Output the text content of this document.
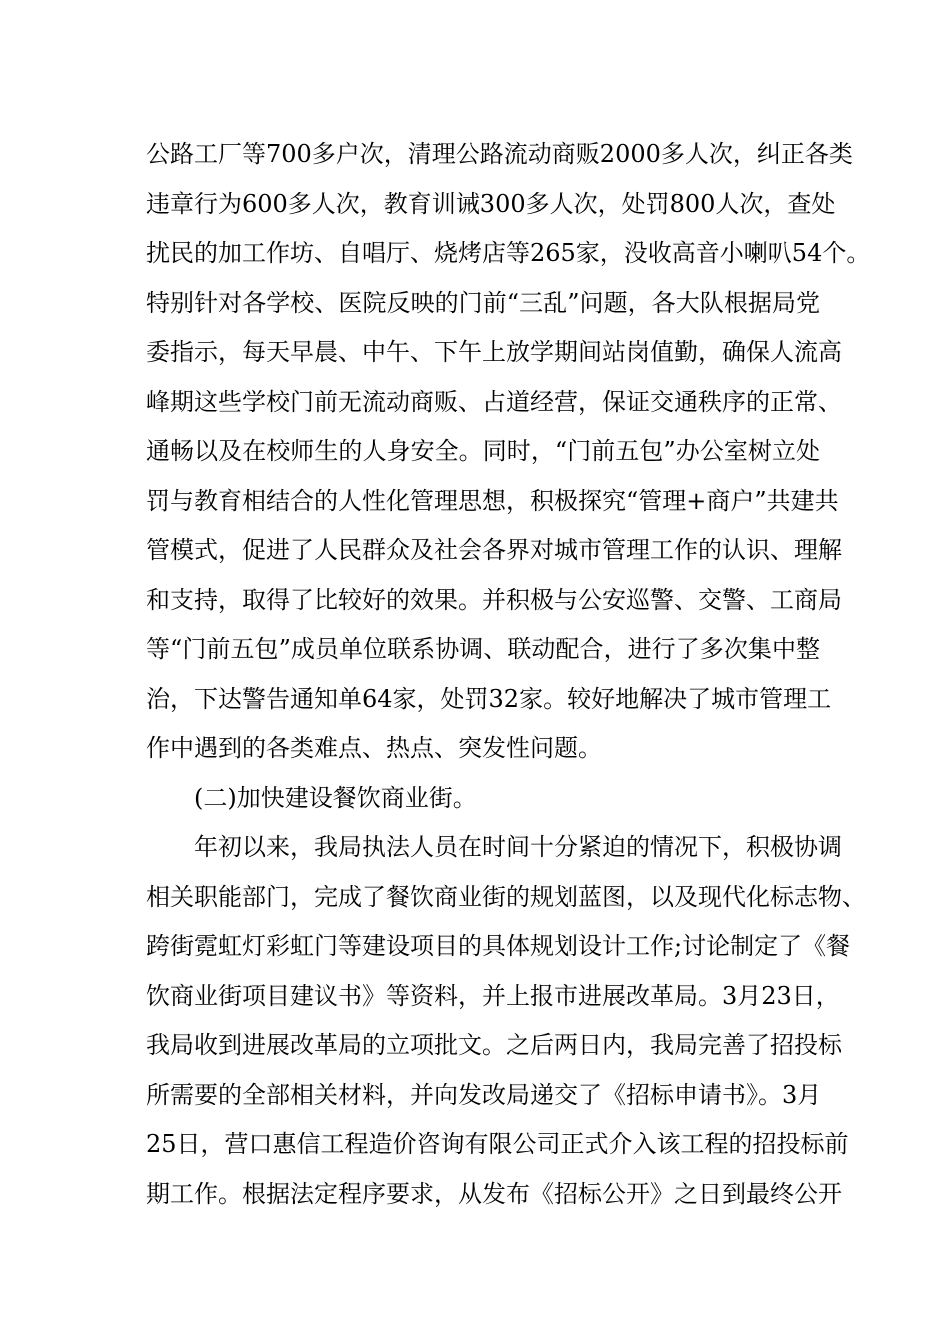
公路工厂等700多户次，清理公路流动商贩2000多人次，纠正各类
违章行为600多人次，教育训诫300多人次，处罚800人次，查处
扰民的加工作坊、自唱厅、烧烤店等265家，没收高音小喇叭54个。
特别针对各学校、医院反映的门前“三乱”问题，各大队根据局党
委指示，每天早晨、中午、下午上放学期间站岗值勤，确保人流高
峰期这些学校门前无流动商贩、占道经营，保证交通秩序的正常、
通畅以及在校师生的人身安全。同时，“门前五包”办公室树立处
罚与教育相结合的人性化管理思想，积极探究“管理+商户”共建共
管模式，促进了人民群众及社会各界对城市管理工作的认识、理解
和支持，取得了比较好的效果。并积极与公安巡警、交警、工商局
等“门前五包”成员单位联系协调、联动配合，进行了多次集中整
治，下达警告通知单64家，处罚32家。较好地解决了城市管理工
作中遇到的各类难点、热点、突发性问题。
(二)加快建设餐饮商业街。
年初以来，我局执法人员在时间十分紧迫的情况下，积极协调
相关职能部门，完成了餐饮商业街的规划蓝图，以及现代化标志物、
跨街霓虹灯彩虹门等建设项目的具体规划设计工作;讨论制定了《餐
饮商业街项目建议书》等资料，并上报市进展改革局。3月23日，
我局收到进展改革局的立项批文。之后两日内，我局完善了招投标
所需要的全部相关材料，并向发改局递交了《招标申请书》。3月
25日，营口惠信工程造价咨询有限公司正式介入该工程的招投标前
期工作。根据法定程序要求，从发布《招标公开》之日到最终公开
